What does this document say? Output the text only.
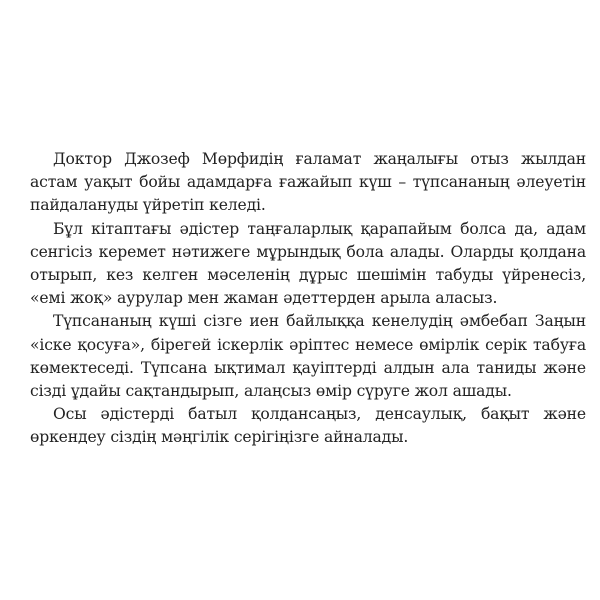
Доктор Джозеф Мөрфидің ғаламат жаңалығы отыз жылдан астам уақыт бойы адамдарға ғажайып күш – түпсананың әлеуетін пайдалануды үйретіп келеді.

Бұл кітаптағы әдістер таңғаларлық қарапайым болса да, адам сенгісіз керемет нәтижеге мұрындық бола алады. Оларды қолдана отырып, кез келген мәселенің дұрыс шешімін табуды үйренесіз, «емі жоқ» аурулар мен жаман әдеттерден арыла аласыз.

Түпсананың күші сізге иен байлыққа кенелудің әмбебап Заңын «іске қосуға», бірегей іскерлік әріптес немесе өмірлік серік табуға көмектеседі. Түпсана ықтимал қауіптерді алдын ала таниды және сізді ұдайы сақтандырып, алаңсыз өмір сүруге жол ашады.

Осы әдістерді батыл қолдансаңыз, денсаулық, бақыт және өркендеу сіздің мәңгілік серігіңізге айналады.
